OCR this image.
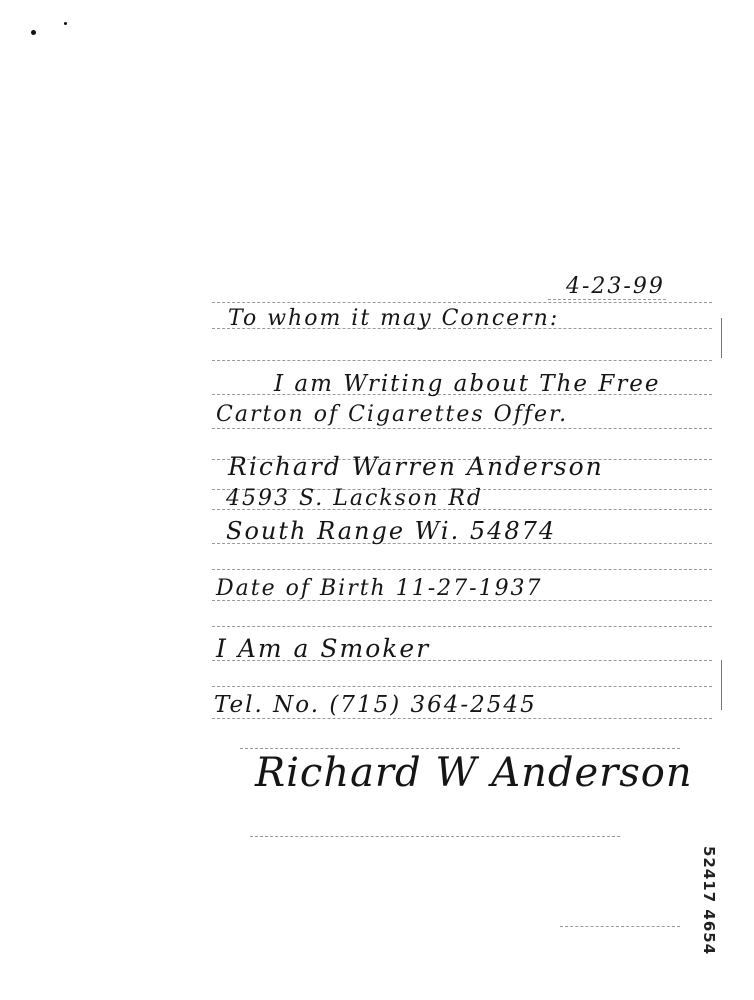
4-23-99
To whom it may Concern:
I am Writing about The Free
Carton of Cigarettes Offer.
Richard Warren Anderson
4593 S. Lackson Rd
South Range Wi. 54874
Date of Birth 11-27-1937
I Am a Smoker
Tel. No. (715) 364-2545
Richard W Anderson
52417 4654
